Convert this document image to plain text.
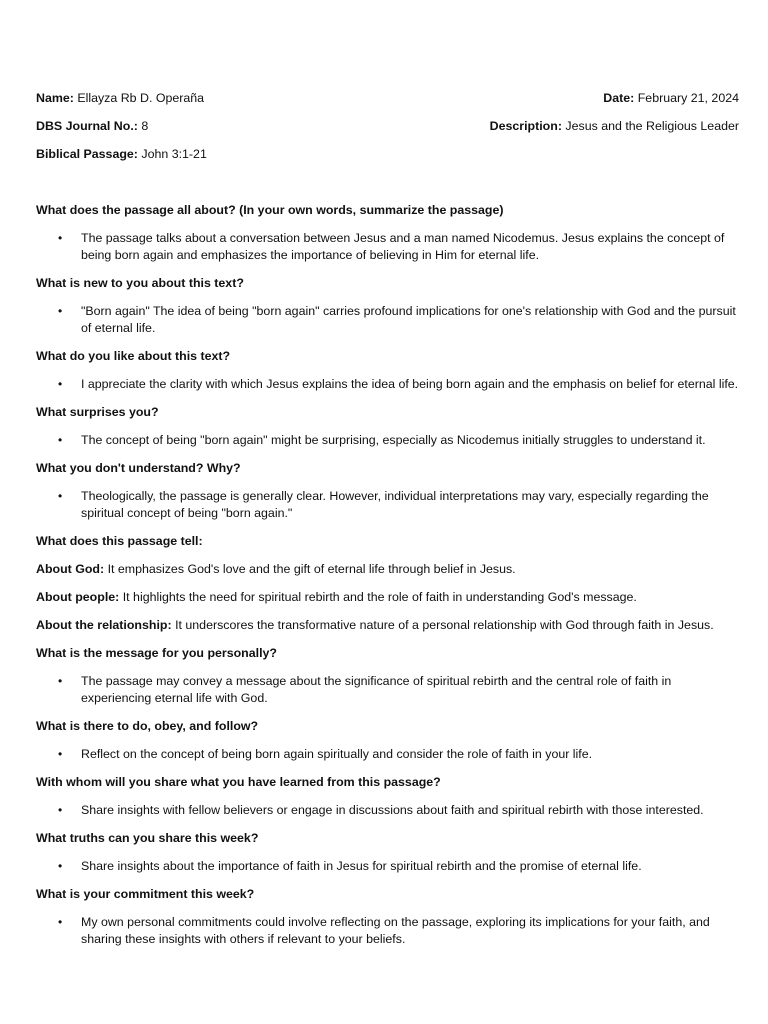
Name: Ellayza Rb D. Operaña	Date: February 21, 2024
DBS Journal No.: 8	Description: Jesus and the Religious Leader
Biblical Passage: John 3:1-21
What does the passage all about? (In your own words, summarize the passage)
• The passage talks about a conversation between Jesus and a man named Nicodemus. Jesus explains the concept of being born again and emphasizes the importance of believing in Him for eternal life.
What is new to you about this text?
• "Born again" The idea of being "born again" carries profound implications for one's relationship with God and the pursuit of eternal life.
What do you like about this text?
• I appreciate the clarity with which Jesus explains the idea of being born again and the emphasis on belief for eternal life.
What surprises you?
• The concept of being "born again" might be surprising, especially as Nicodemus initially struggles to understand it.
What you don't understand? Why?
• Theologically, the passage is generally clear. However, individual interpretations may vary, especially regarding the spiritual concept of being "born again."
What does this passage tell:
About God: It emphasizes God's love and the gift of eternal life through belief in Jesus.
About people: It highlights the need for spiritual rebirth and the role of faith in understanding God's message.
About the relationship: It underscores the transformative nature of a personal relationship with God through faith in Jesus.
What is the message for you personally?
• The passage may convey a message about the significance of spiritual rebirth and the central role of faith in experiencing eternal life with God.
What is there to do, obey, and follow?
• Reflect on the concept of being born again spiritually and consider the role of faith in your life.
With whom will you share what you have learned from this passage?
• Share insights with fellow believers or engage in discussions about faith and spiritual rebirth with those interested.
What truths can you share this week?
• Share insights about the importance of faith in Jesus for spiritual rebirth and the promise of eternal life.
What is your commitment this week?
• My own personal commitments could involve reflecting on the passage, exploring its implications for your faith, and sharing these insights with others if relevant to your beliefs.
